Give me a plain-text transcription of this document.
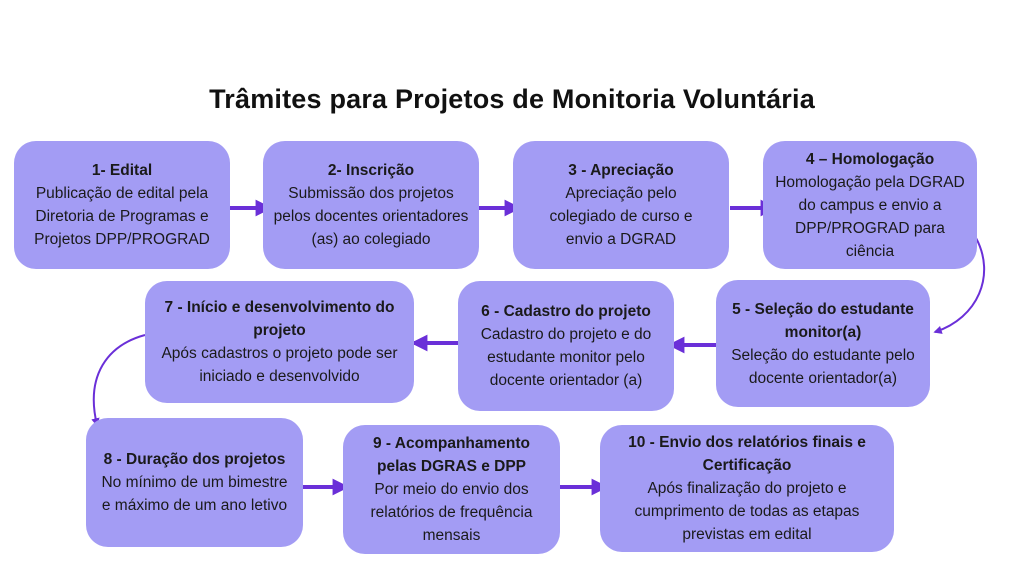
Trâmites para Projetos de Monitoria Voluntária
1- Edital
Publicação de edital pela Diretoria de Programas e Projetos DPP/PROGRAD
2- Inscrição
Submissão dos projetos pelos docentes orientadores (as) ao colegiado
3 - Apreciação
Apreciação pelo colegiado de curso e envio a DGRAD
4 – Homologação
Homologação pela DGRAD do campus e envio a DPP/PROGRAD para ciência
5 - Seleção do estudante monitor(a)
Seleção do estudante pelo docente orientador(a)
6 - Cadastro do projeto
Cadastro do projeto e do estudante monitor pelo docente orientador (a)
7 - Início e desenvolvimento do projeto
Após cadastros o projeto pode ser iniciado e desenvolvido
8 - Duração dos projetos
No mínimo de um bimestre e máximo de um ano letivo
9 - Acompanhamento pelas DGRAS e DPP
Por meio do envio dos relatórios de frequência mensais
10 - Envio dos relatórios finais e Certificação
Após finalização do projeto e cumprimento de todas as etapas previstas em edital
